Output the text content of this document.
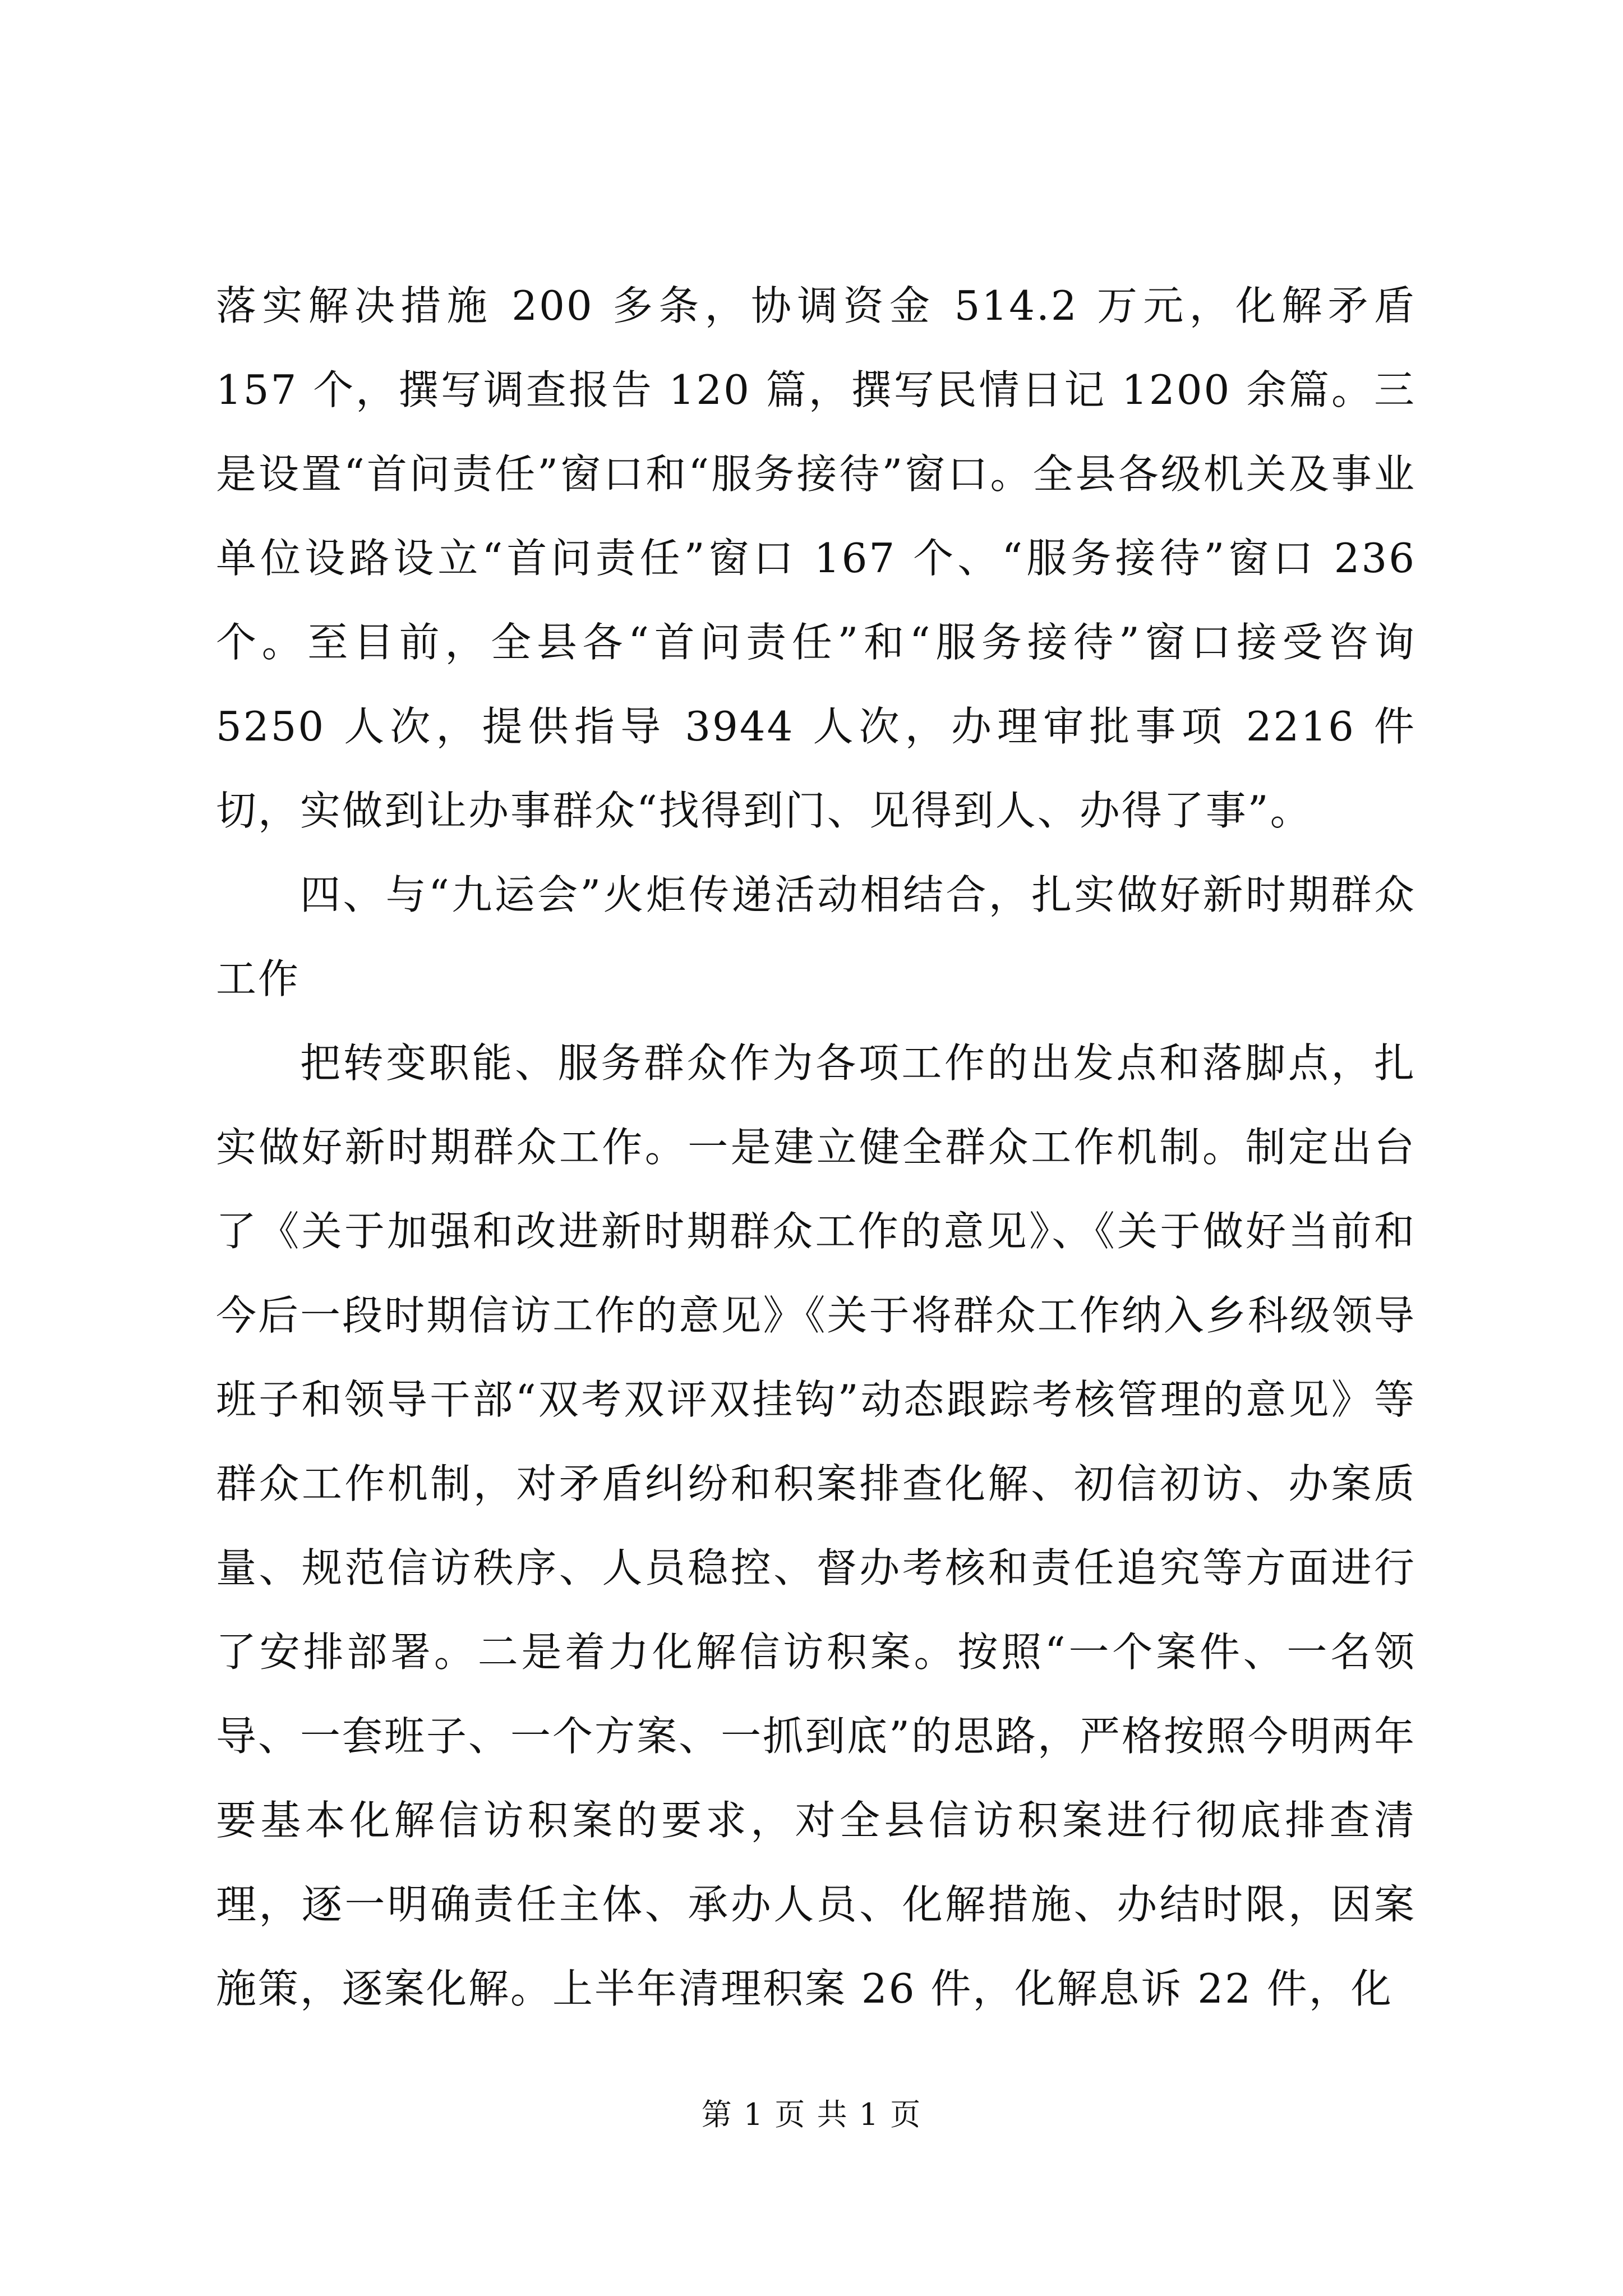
落实解决措施 200 多条，协调资金 514.2 万元，化解矛盾 157 个，撰写调查报告 120 篇，撰写民情日记 1200 余篇。三是设置“首问责任”窗口和“服务接待”窗口。全县各级机关及事业单位设路设立“首问责任”窗口 167 个、“服务接待”窗口 236 个。至目前，全县各“首问责任”和“服务接待”窗口接受咨询 5250 人次，提供指导 3944 人次，办理审批事项 2216 件切，实做到让办事群众“找得到门、见得到人、办得了事”。

四、与“九运会”火炬传递活动相结合，扎实做好新时期群众工作

把转变职能、服务群众作为各项工作的出发点和落脚点，扎实做好新时期群众工作。一是建立健全群众工作机制。制定出台了《关于加强和改进新时期群众工作的意见》、《关于做好当前和今后一段时期信访工作的意见》《关于将群众工作纳入乡科级领导班子和领导干部“双考双评双挂钩”动态跟踪考核管理的意见》等群众工作机制，对矛盾纠纷和积案排查化解、初信初访、办案质量、规范信访秩序、人员稳控、督办考核和责任追究等方面进行了安排部署。二是着力化解信访积案。按照“一个案件、一名领导、一套班子、一个方案、一抓到底”的思路，严格按照今明两年要基本化解信访积案的要求，对全县信访积案进行彻底排查清理，逐一明确责任主体、承办人员、化解措施、办结时限，因案施策，逐案化解。上半年清理积案 26 件，化解息诉 22 件，化

第 1 页 共 1 页
